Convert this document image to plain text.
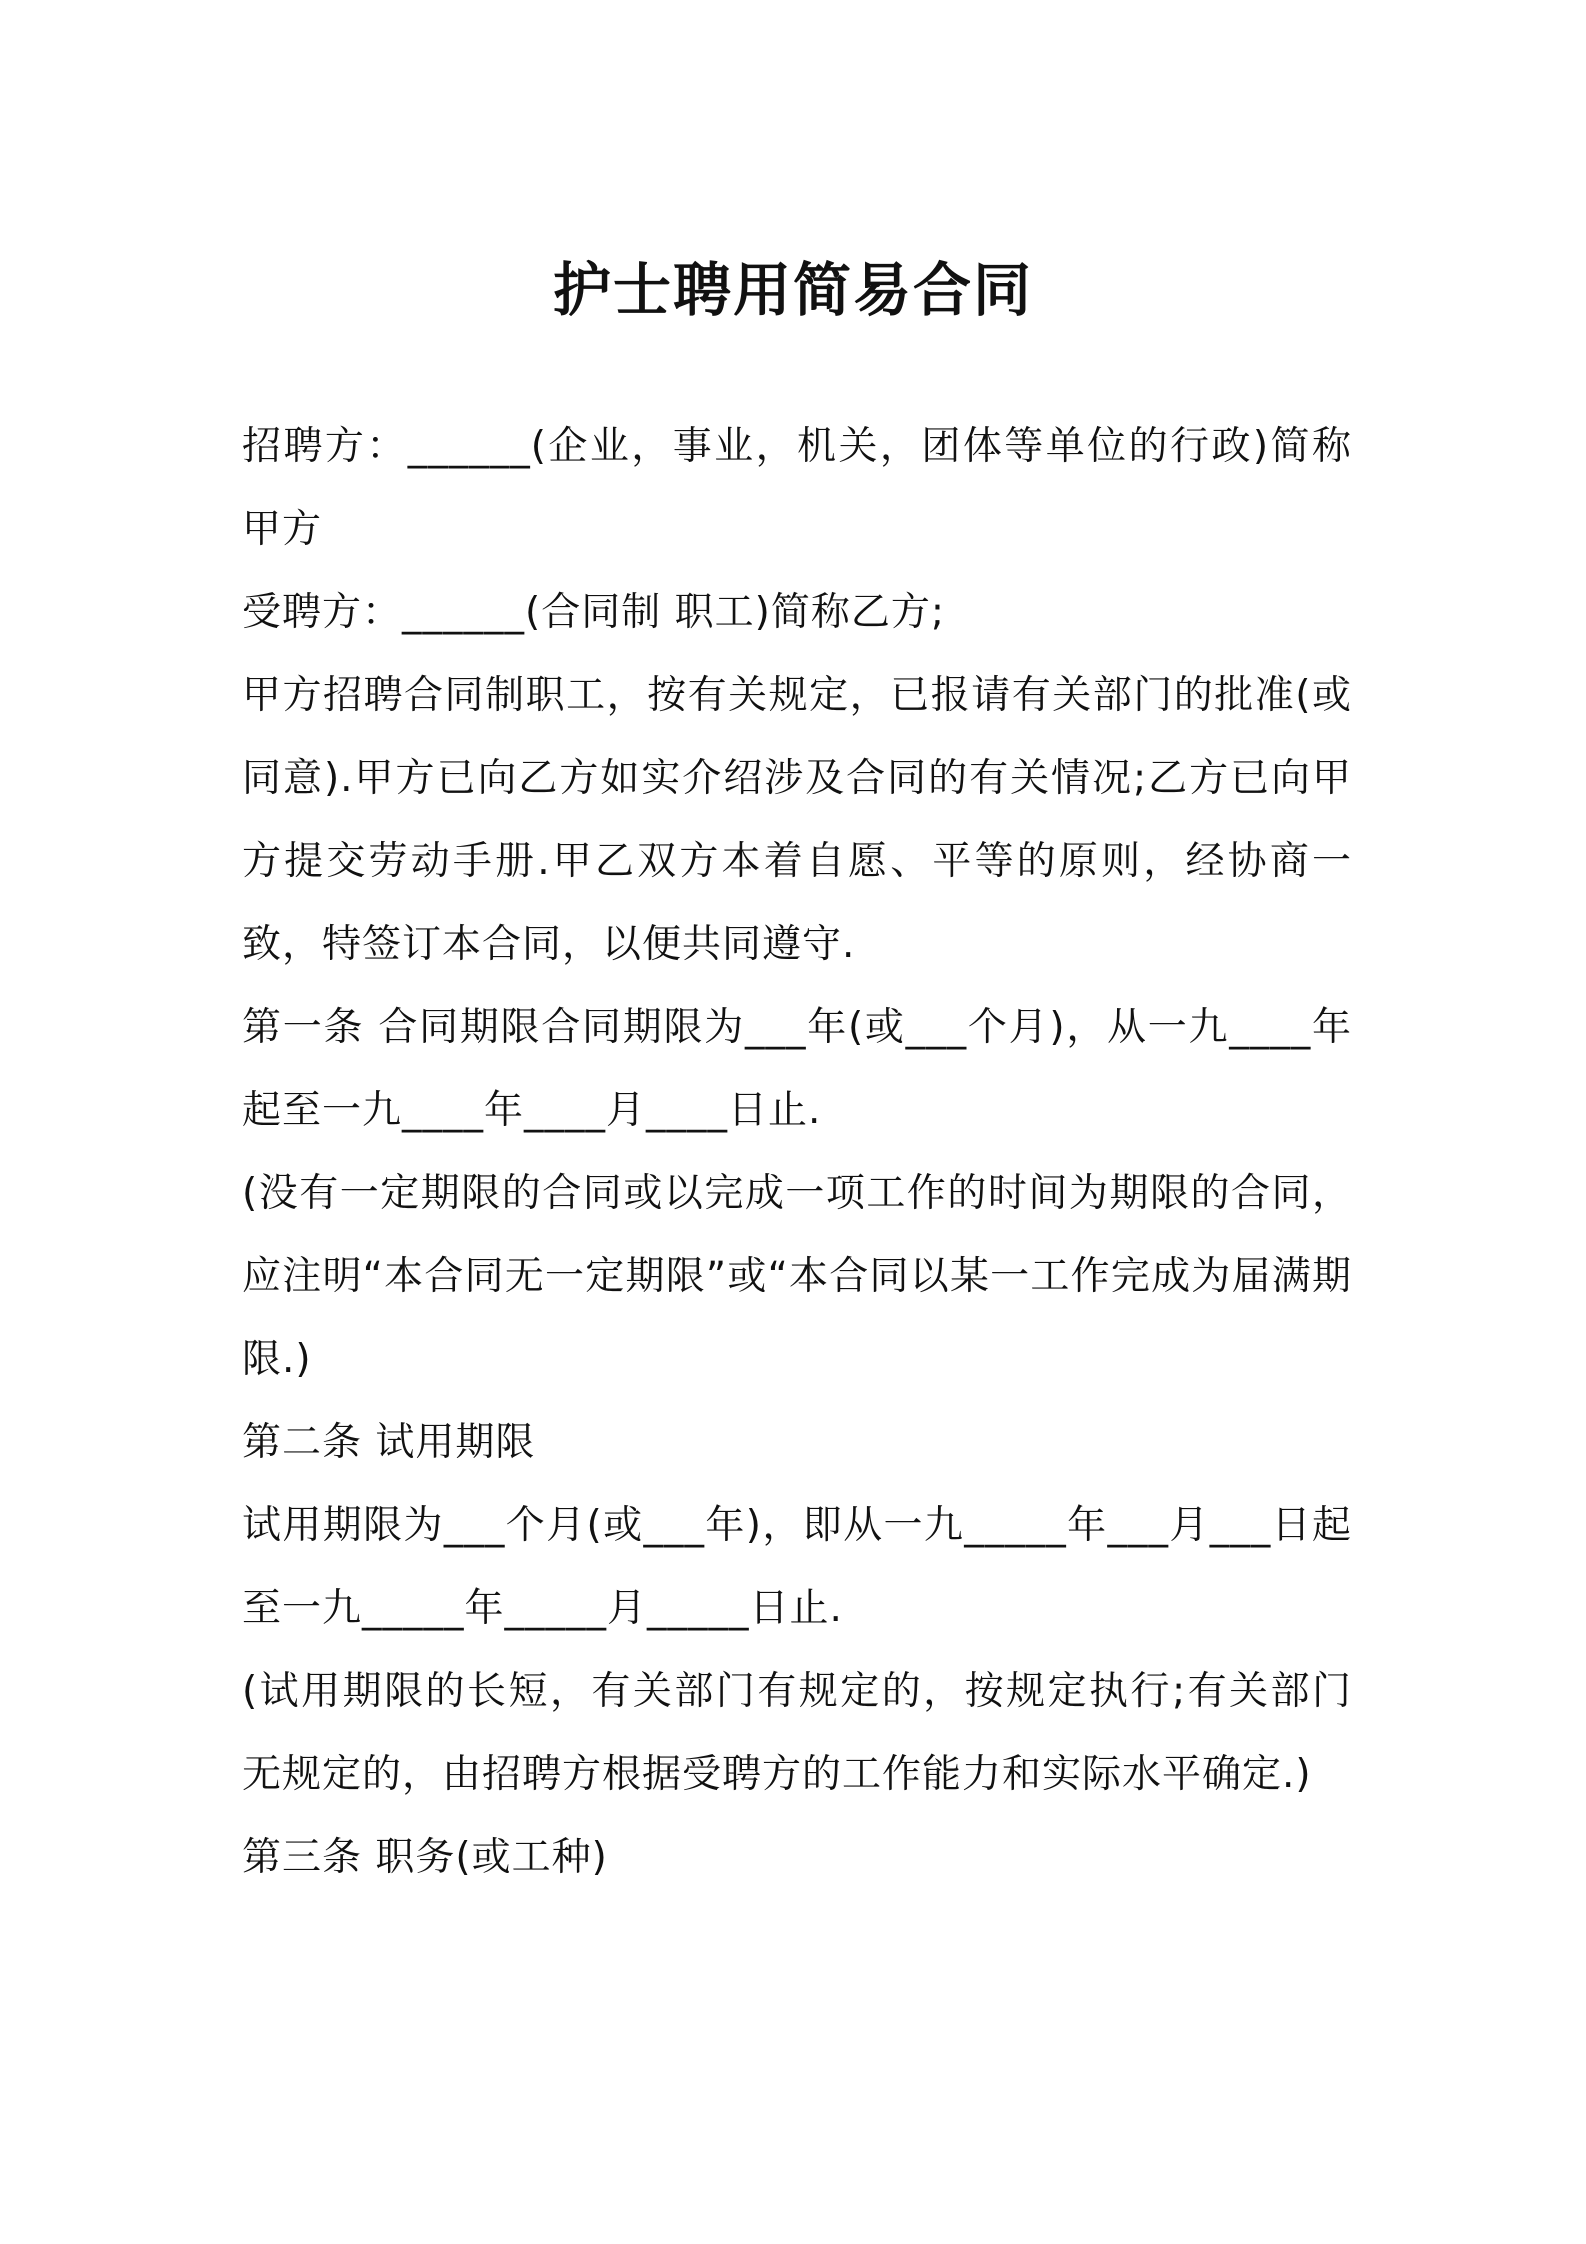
护士聘用简易合同

招聘方：______(企业，事业，机关，团体等单位的行政)简称甲方

受聘方：______(合同制 职工)简称乙方;

甲方招聘合同制职工，按有关规定，已报请有关部门的批准(或同意).甲方已向乙方如实介绍涉及合同的有关情况;乙方已向甲方提交劳动手册.甲乙双方本着自愿、平等的原则，经协商一致，特签订本合同，以便共同遵守.

第一条 合同期限合同期限为___年(或___个月)，从一九____年起至一九____年____月____日止.

(没有一定期限的合同或以完成一项工作的时间为期限的合同，应注明“本合同无一定期限”或“本合同以某一工作完成为届满期限.)

第二条 试用期限

试用期限为___个月(或___年)，即从一九_____年___月___日起至一九_____年_____月_____日止.

(试用期限的长短，有关部门有规定的，按规定执行;有关部门无规定的，由招聘方根据受聘方的工作能力和实际水平确定.)

第三条 职务(或工种)
